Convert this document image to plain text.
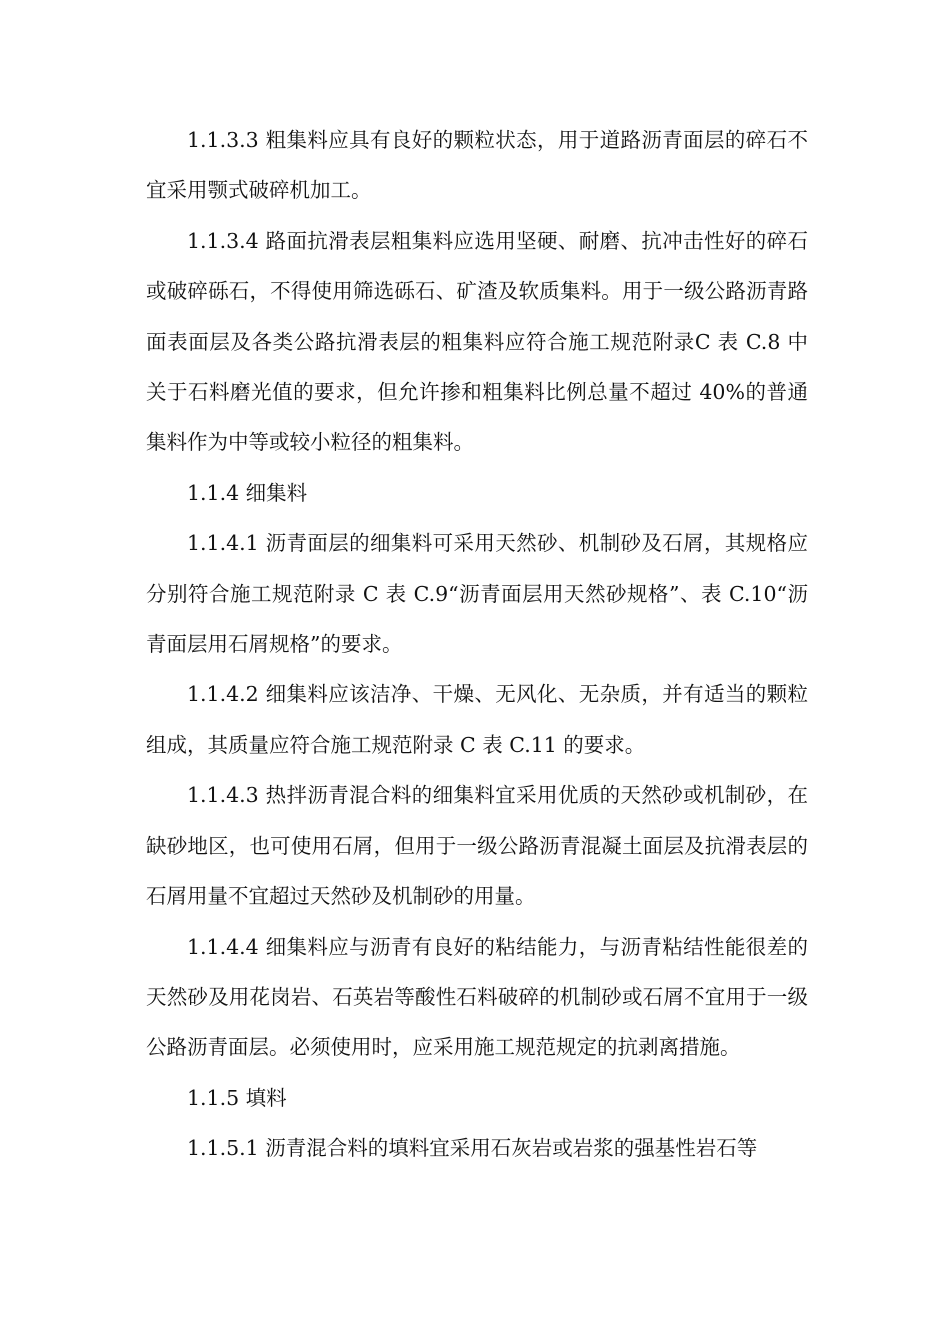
1.1.3.3 粗集料应具有良好的颗粒状态，用于道路沥青面层的碎石不宜采用颚式破碎机加工。

1.1.3.4 路面抗滑表层粗集料应选用坚硬、耐磨、抗冲击性好的碎石或破碎砾石，不得使用筛选砾石、矿渣及软质集料。用于一级公路沥青路面表面层及各类公路抗滑表层的粗集料应符合施工规范附录C 表 C.8 中关于石料磨光值的要求，但允许掺和粗集料比例总量不超过 40%的普通集料作为中等或较小粒径的粗集料。

1.1.4 细集料

1.1.4.1 沥青面层的细集料可采用天然砂、机制砂及石屑，其规格应分别符合施工规范附录 C 表 C.9“沥青面层用天然砂规格”、表 C.10“沥青面层用石屑规格”的要求。

1.1.4.2 细集料应该洁净、干燥、无风化、无杂质，并有适当的颗粒组成，其质量应符合施工规范附录 C 表 C.11 的要求。

1.1.4.3 热拌沥青混合料的细集料宜采用优质的天然砂或机制砂，在缺砂地区，也可使用石屑，但用于一级公路沥青混凝土面层及抗滑表层的石屑用量不宜超过天然砂及机制砂的用量。

1.1.4.4 细集料应与沥青有良好的粘结能力，与沥青粘结性能很差的天然砂及用花岗岩、石英岩等酸性石料破碎的机制砂或石屑不宜用于一级公路沥青面层。必须使用时，应采用施工规范规定的抗剥离措施。

1.1.5 填料

1.1.5.1 沥青混合料的填料宜采用石灰岩或岩浆的强基性岩石等
